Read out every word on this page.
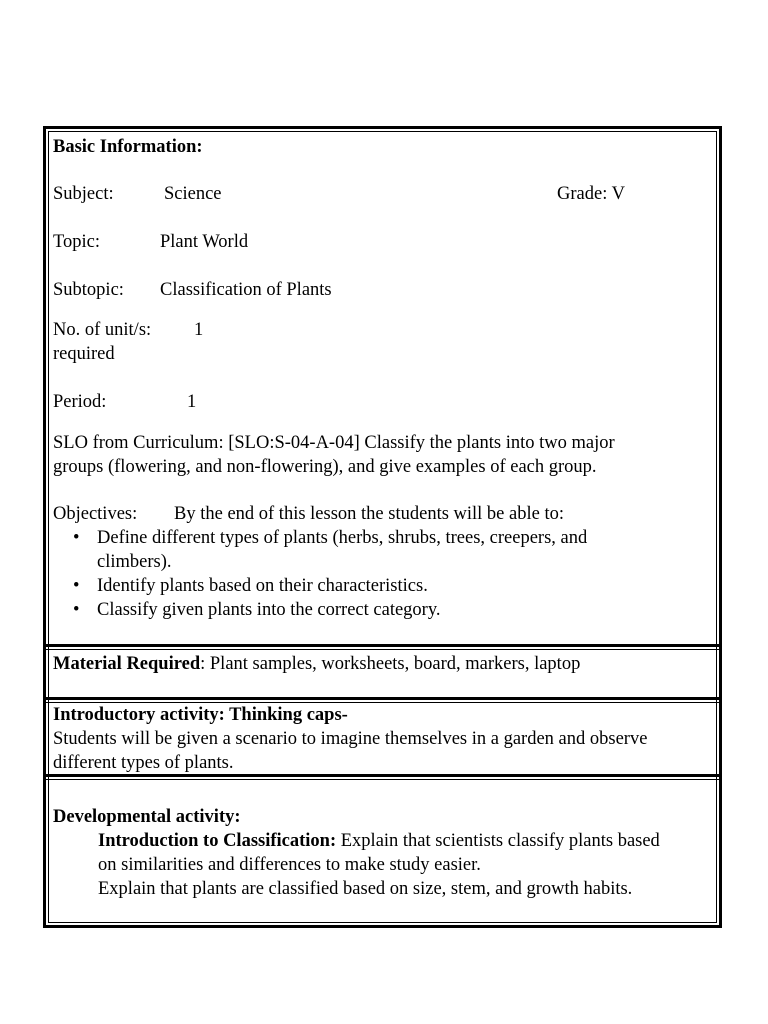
Basic Information:
Subject:	Science	Grade: V
Topic:	Plant World
Subtopic: Classification of Plants
No. of unit/s: 1
required
Period:	1
SLO from Curriculum: [SLO:S-04-A-04] Classify the plants into two major
groups (flowering, and non-flowering), and give examples of each group.
Objectives: By the end of this lesson the students will be able to:
• Define different types of plants (herbs, shrubs, trees, creepers, and
climbers).
• Identify plants based on their characteristics.
• Classify given plants into the correct category.
Material Required: Plant samples, worksheets, board, markers, laptop
Introductory activity: Thinking caps-
Students will be given a scenario to imagine themselves in a garden and observe
different types of plants.
Developmental activity:
Introduction to Classification: Explain that scientists classify plants based
on similarities and differences to make study easier.
Explain that plants are classified based on size, stem, and growth habits.
